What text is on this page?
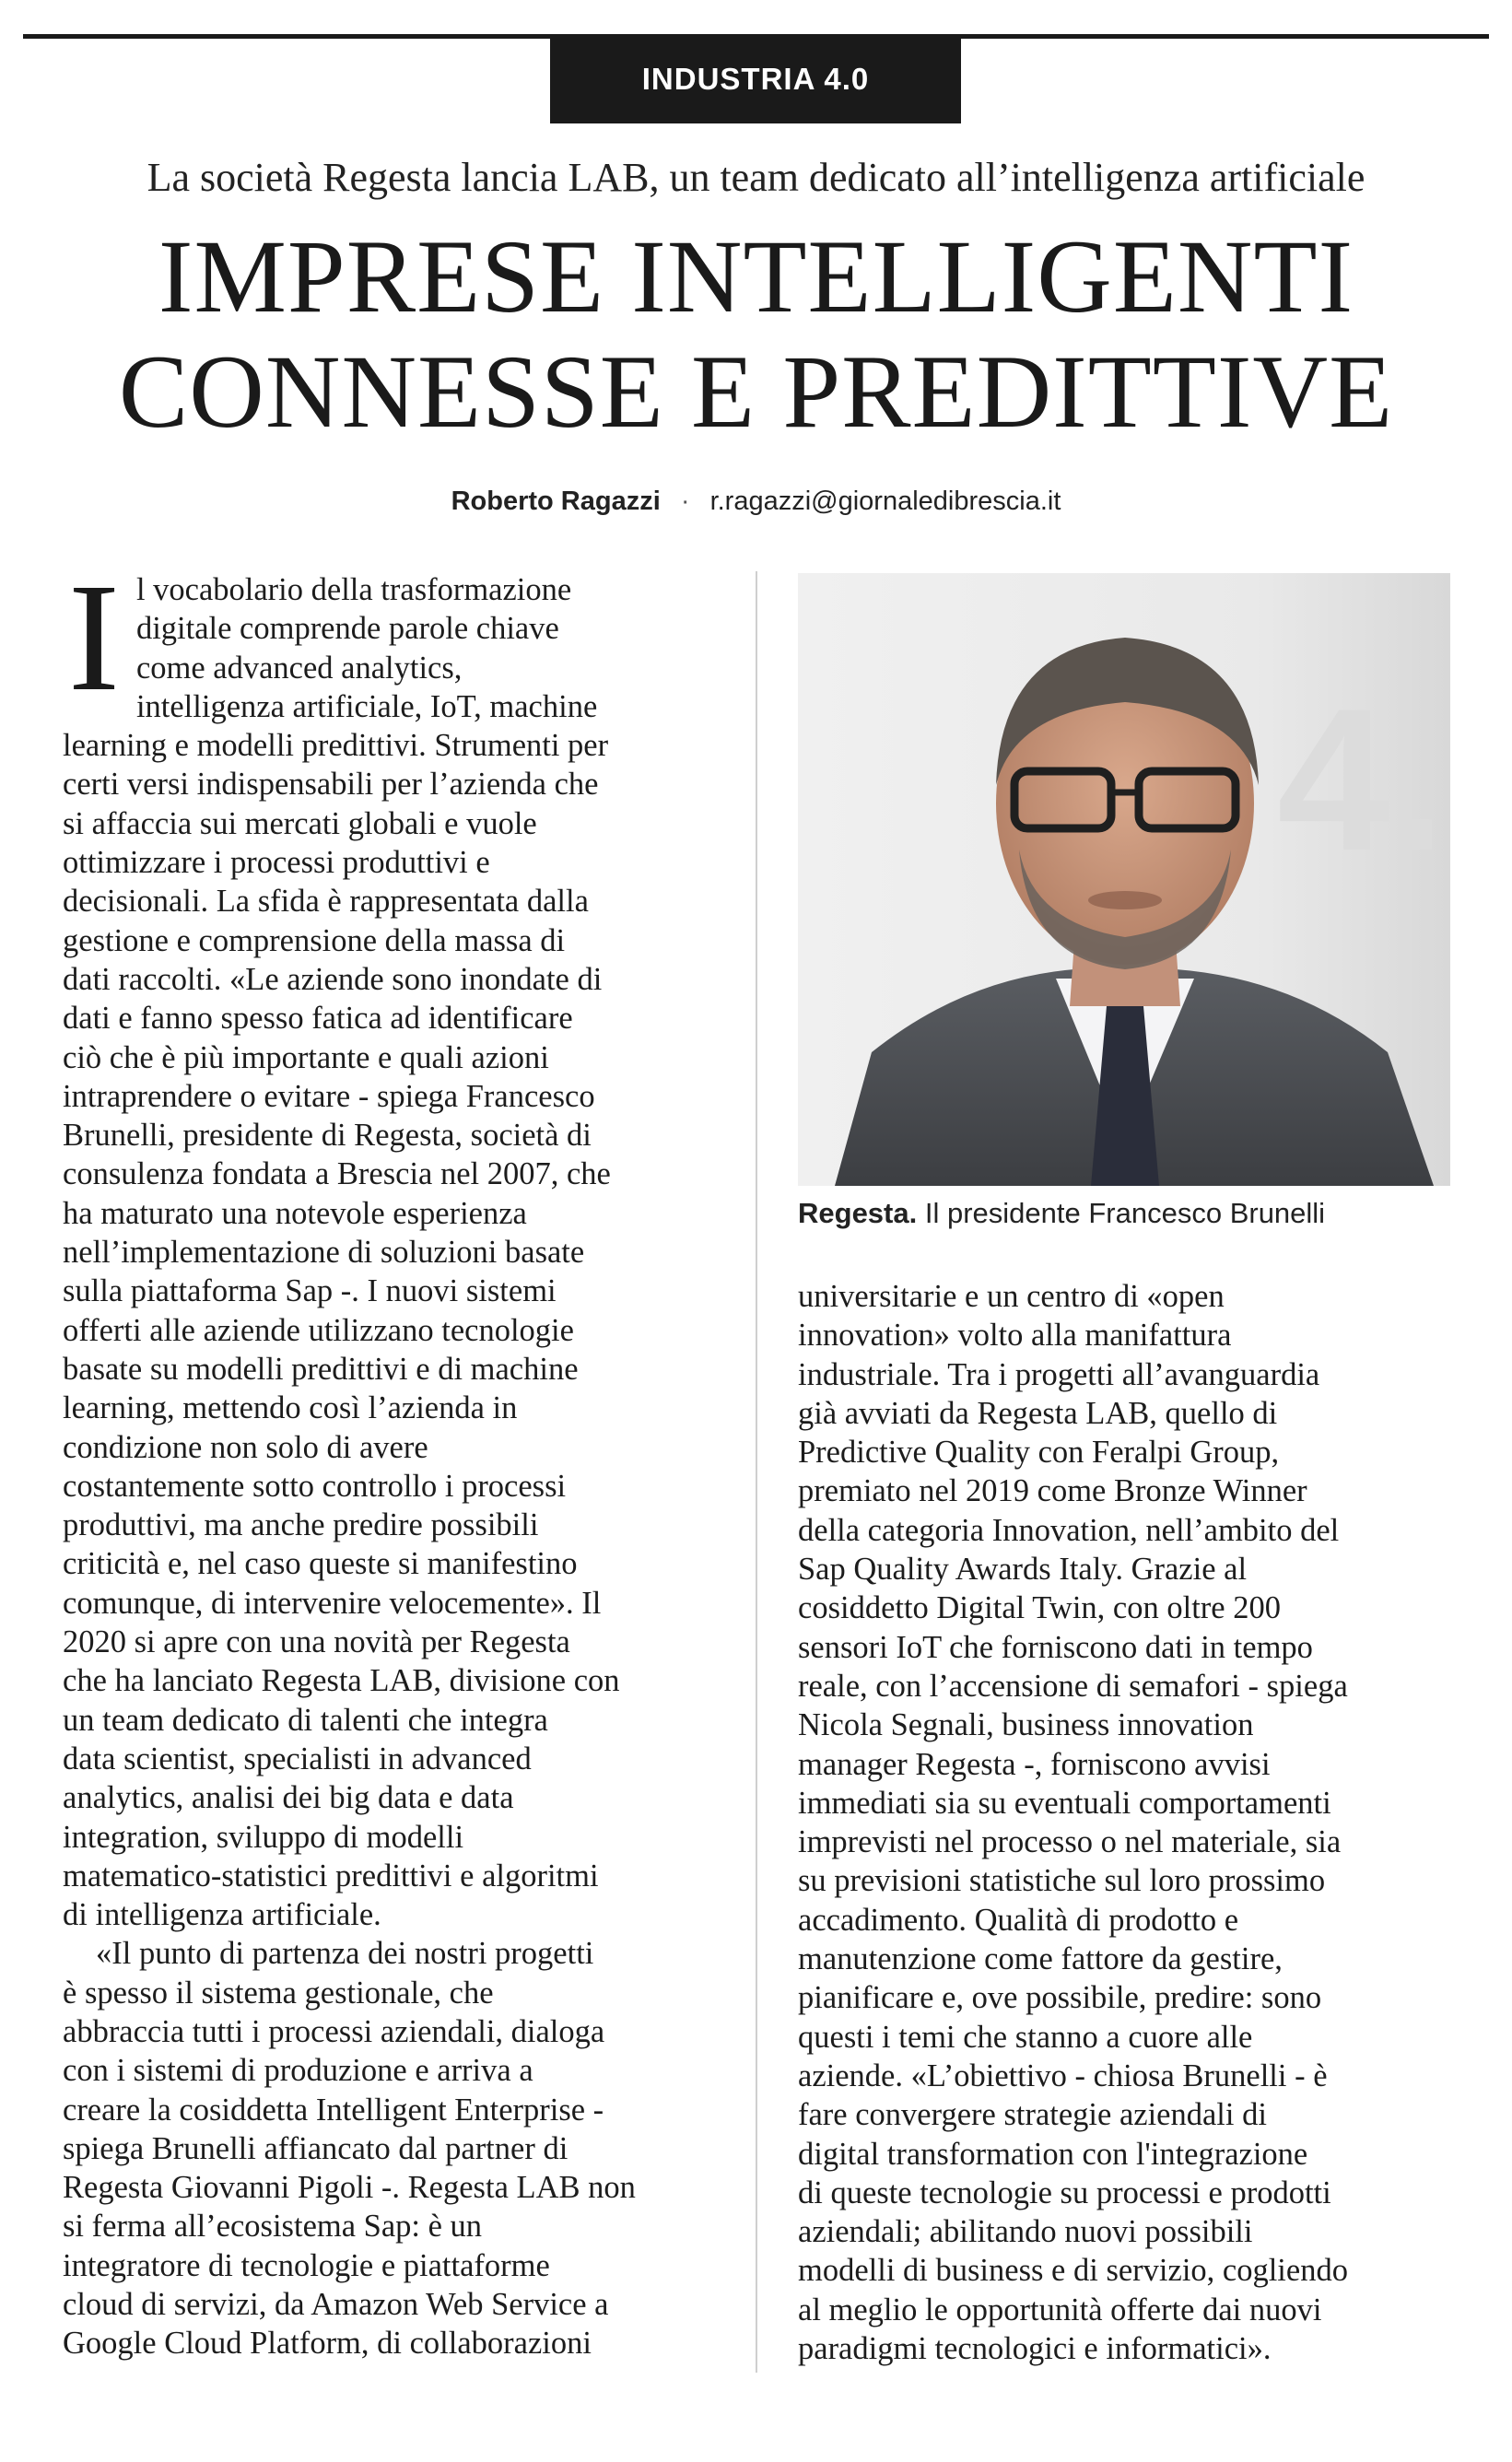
INDUSTRIA 4.0
La società Regesta lancia LAB, un team dedicato all’intelligenza artificiale
IMPRESE INTELLIGENTI
CONNESSE E PREDITTIVE
Roberto Ragazzi · r.ragazzi@giornaledibrescia.it

I l vocabolario della trasformazione
digitale comprende parole chiave
come advanced analytics,
intelligenza artificiale, IoT, machine
learning e modelli predittivi. Strumenti per
certi versi indispensabili per l’azienda che
si affaccia sui mercati globali e vuole
ottimizzare i processi produttivi e
decisionali. La sfida è rappresentata dalla
gestione e comprensione della massa di
dati raccolti. «Le aziende sono inondate di
dati e fanno spesso fatica ad identificare
ciò che è più importante e quali azioni
intraprendere o evitare - spiega Francesco
Brunelli, presidente di Regesta, società di
consulenza fondata a Brescia nel 2007, che
ha maturato una notevole esperienza
nell’implementazione di soluzioni basate
sulla piattaforma Sap -. I nuovi sistemi
offerti alle aziende utilizzano tecnologie
basate su modelli predittivi e di machine
learning, mettendo così l’azienda in
condizione non solo di avere
costantemente sotto controllo i processi
produttivi, ma anche predire possibili
criticità e, nel caso queste si manifestino
comunque, di intervenire velocemente». Il
2020 si apre con una novità per Regesta
che ha lanciato Regesta LAB, divisione con
un team dedicato di talenti che integra
data scientist, specialisti in advanced
analytics, analisi dei big data e data
integration, sviluppo di modelli
matematico-statistici predittivi e algoritmi
di intelligenza artificiale.

«Il punto di partenza dei nostri progetti
è spesso il sistema gestionale, che
abbraccia tutti i processi aziendali, dialoga
con i sistemi di produzione e arriva a
creare la cosiddetta Intelligent Enterprise -
spiega Brunelli affiancato dal partner di
Regesta Giovanni Pigoli -. Regesta LAB non
si ferma all’ecosistema Sap: è un
integratore di tecnologie e piattaforme
cloud di servizi, da Amazon Web Service a
Google Cloud Platform, di collaborazioni

4.
Regesta. Il presidente Francesco Brunelli

universitarie e un centro di «open
innovation» volto alla manifattura
industriale. Tra i progetti all’avanguardia
già avviati da Regesta LAB, quello di
Predictive Quality con Feralpi Group,
premiato nel 2019 come Bronze Winner
della categoria Innovation, nell’ambito del
Sap Quality Awards Italy. Grazie al
cosiddetto Digital Twin, con oltre 200
sensori IoT che forniscono dati in tempo
reale, con l’accensione di semafori - spiega
Nicola Segnali, business innovation
manager Regesta -, forniscono avvisi
immediati sia su eventuali comportamenti
imprevisti nel processo o nel materiale, sia
su previsioni statistiche sul loro prossimo
accadimento. Qualità di prodotto e
manutenzione come fattore da gestire,
pianificare e, ove possibile, predire: sono
questi i temi che stanno a cuore alle
aziende. «L’obiettivo - chiosa Brunelli - è
fare convergere strategie aziendali di
digital transformation con l'integrazione
di queste tecnologie su processi e prodotti
aziendali; abilitando nuovi possibili
modelli di business e di servizio, cogliendo
al meglio le opportunità offerte dai nuovi
paradigmi tecnologici e informatici».
